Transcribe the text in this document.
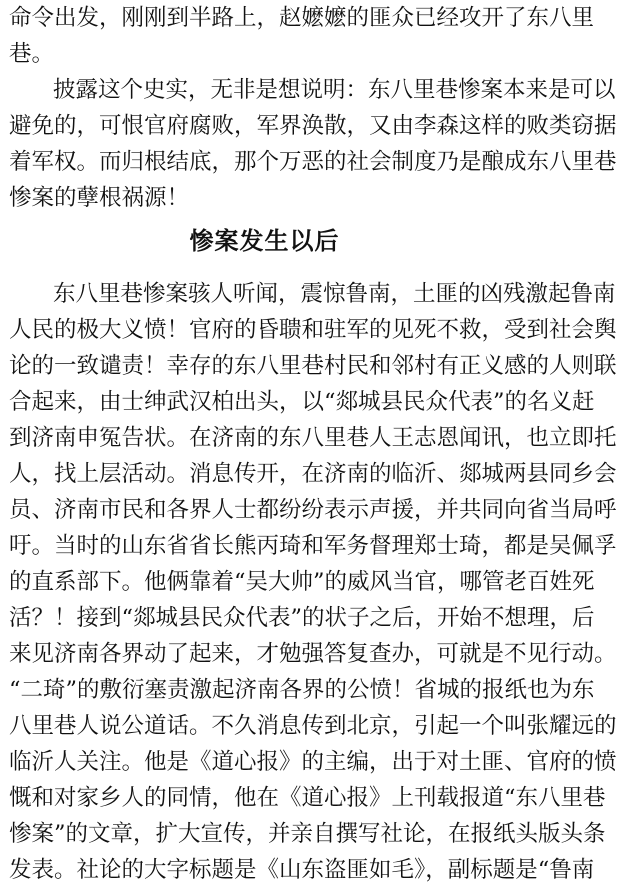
命令出发，刚刚到半路上，赵嬷嬷的匪众已经攻开了东八里
巷。
披露这个史实，无非是想说明：东八里巷惨案本来是可以
避免的，可恨官府腐败，军界涣散，又由李森这样的败类窃据
着军权。而归根结底，那个万恶的社会制度乃是酿成东八里巷
惨案的孽根祸源！
惨案发生以后
东八里巷惨案骇人听闻，震惊鲁南，土匪的凶残激起鲁南
人民的极大义愤！官府的昏聩和驻军的见死不救，受到社会舆
论的一致谴责！幸存的东八里巷村民和邻村有正义感的人则联
合起来，由士绅武汉柏出头，以“郯城县民众代表”的名义赶
到济南申冤告状。在济南的东八里巷人王志恩闻讯，也立即托
人，找上层活动。消息传开，在济南的临沂、郯城两县同乡会
员、济南市民和各界人士都纷纷表示声援，并共同向省当局呼
吁。当时的山东省省长熊丙琦和军务督理郑士琦，都是吴佩孚
的直系部下。他俩靠着“吴大帅”的威风当官，哪管老百姓死
活？！接到“郯城县民众代表”的状子之后，开始不想理，后
来见济南各界动了起来，才勉强答复查办，可就是不见行动。
“二琦”的敷衍塞责激起济南各界的公愤！省城的报纸也为东
八里巷人说公道话。不久消息传到北京，引起一个叫张耀远的
临沂人关注。他是《道心报》的主编，出于对土匪、官府的愤
慨和对家乡人的同情，他在《道心报》上刊载报道“东八里巷
惨案”的文章，扩大宣传，并亲自撰写社论，在报纸头版头条
发表。社论的大字标题是《山东盗匪如毛》，副标题是“鲁南
